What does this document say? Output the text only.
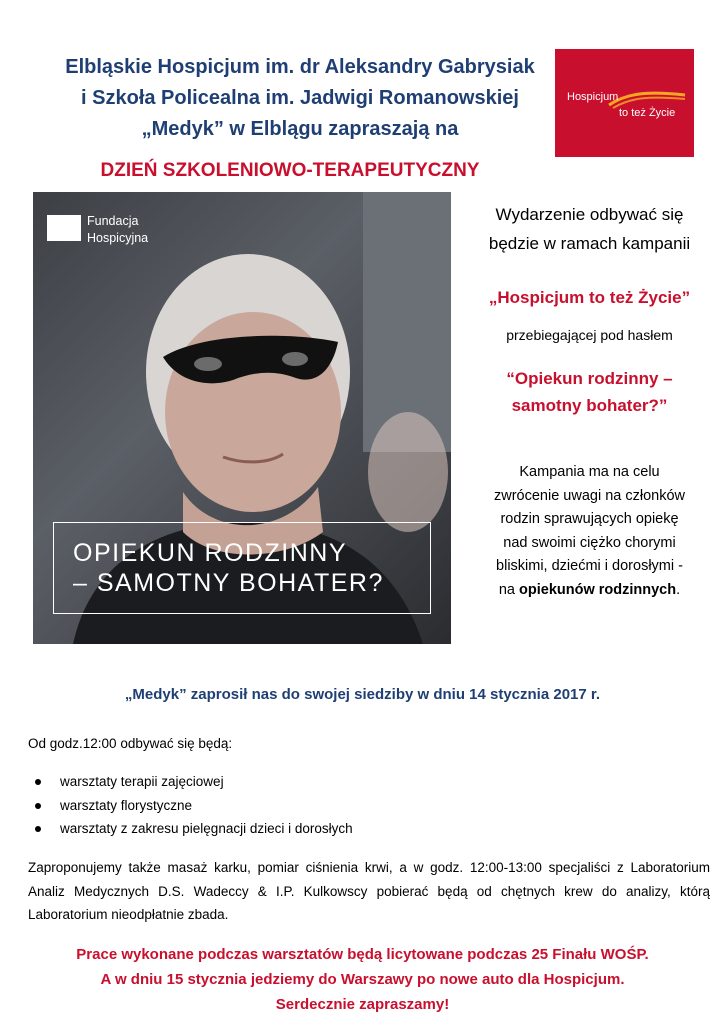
Elbląskie Hospicjum im. dr Aleksandry Gabrysiak
i Szkoła Policealna im. Jadwigi Romanowskiej
„Medyk” w Elblągu zapraszają na
DZIEŃ SZKOLENIOWO-TERAPEUTYCZNY
Hospicjum
to też Życie
Fundacja
Hospicyjna
OPIEKUN RODZINNY
– SAMOTNY BOHATER?
Wydarzenie odbywać się
będzie w ramach kampanii
„Hospicjum to też Życie”
przebiegającej pod hasłem
“Opiekun rodzinny –
samotny bohater?”
Kampania ma na celu
zwrócenie uwagi na członków
rodzin sprawujących opiekę
nad swoimi ciężko chorymi
bliskimi, dziećmi i dorosłymi -
na opiekunów rodzinnych.
„Medyk” zaprosił nas do swojej siedziby w dniu 14 stycznia 2017 r.
Od godz.12:00 odbywać się będą:
warsztaty terapii zajęciowej
warsztaty florystyczne
warsztaty z zakresu pielęgnacji dzieci i dorosłych
Zaproponujemy także masaż karku, pomiar ciśnienia krwi, a w godz. 12:00-13:00 specjaliści z Laboratorium Analiz Medycznych D.S. Wadeccy & I.P. Kulkowscy pobierać będą od chętnych krew do analizy, którą Laboratorium nieodpłatnie zbada.
Prace wykonane podczas warsztatów będą licytowane podczas 25 Finału WOŚP.
A w dniu 15 stycznia jedziemy do Warszawy po nowe auto dla Hospicjum.
Serdecznie zapraszamy!
